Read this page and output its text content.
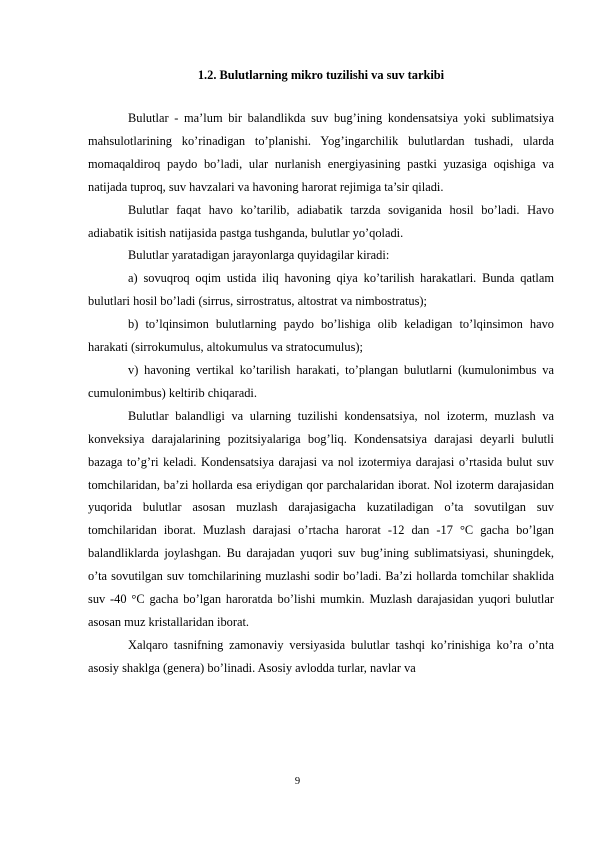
1.2. Bulutlarning mikro tuzilishi va suv tarkibi

Bulutlar - ma’lum bir balandlikda suv bug’ining kondensatsiya yoki sublimatsiya mahsulotlarining ko’rinadigan to’planishi. Yog’ingarchilik bulutlardan tushadi, ularda momaqaldiroq paydo bo’ladi, ular nurlanish energiyasining pastki yuzasiga oqishiga va natijada tuproq, suv havzalari va havoning harorat rejimiga ta’sir qiladi.

Bulutlar faqat havo ko’tarilib, adiabatik tarzda soviganida hosil bo’ladi. Havo adiabatik isitish natijasida pastga tushganda, bulutlar yo’qoladi.

Bulutlar yaratadigan jarayonlarga quyidagilar kiradi:

a) sovuqroq oqim ustida iliq havoning qiya ko’tarilish harakatlari. Bunda qatlam bulutlari hosil bo’ladi (sirrus, sirrostratus, altostrat va nimbostratus);

b) to’lqinsimon bulutlarning paydo bo’lishiga olib keladigan to’lqinsimon havo harakati (sirrokumulus, altokumulus va stratocumulus);

v) havoning vertikal ko’tarilish harakati, to’plangan bulutlarni (kumulonimbus va cumulonimbus) keltirib chiqaradi.

Bulutlar balandligi va ularning tuzilishi kondensatsiya, nol izoterm, muzlash va konveksiya darajalarining pozitsiyalariga bog’liq. Kondensatsiya darajasi deyarli bulutli bazaga to’g’ri keladi. Kondensatsiya darajasi va nol izotermiya darajasi o’rtasida bulut suv tomchilaridan, ba’zi hollarda esa eriydigan qor parchalaridan iborat. Nol izoterm darajasidan yuqorida bulutlar asosan muzlash darajasigacha kuzatiladigan o’ta sovutilgan suv tomchilaridan iborat. Muzlash darajasi o’rtacha harorat -12 dan -17 °C gacha bo’lgan balandliklarda joylashgan. Bu darajadan yuqori suv bug’ining sublimatsiyasi, shuningdek, o’ta sovutilgan suv tomchilarining muzlashi sodir bo’ladi. Ba’zi hollarda tomchilar shaklida suv -40 °C gacha bo’lgan haroratda bo’lishi mumkin. Muzlash darajasidan yuqori bulutlar asosan muz kristallaridan iborat.

Xalqaro tasnifning zamonaviy versiyasida bulutlar tashqi ko’rinishiga ko’ra o’nta asosiy shaklga (genera) bo’linadi. Asosiy avlodda turlar, navlar va

9
